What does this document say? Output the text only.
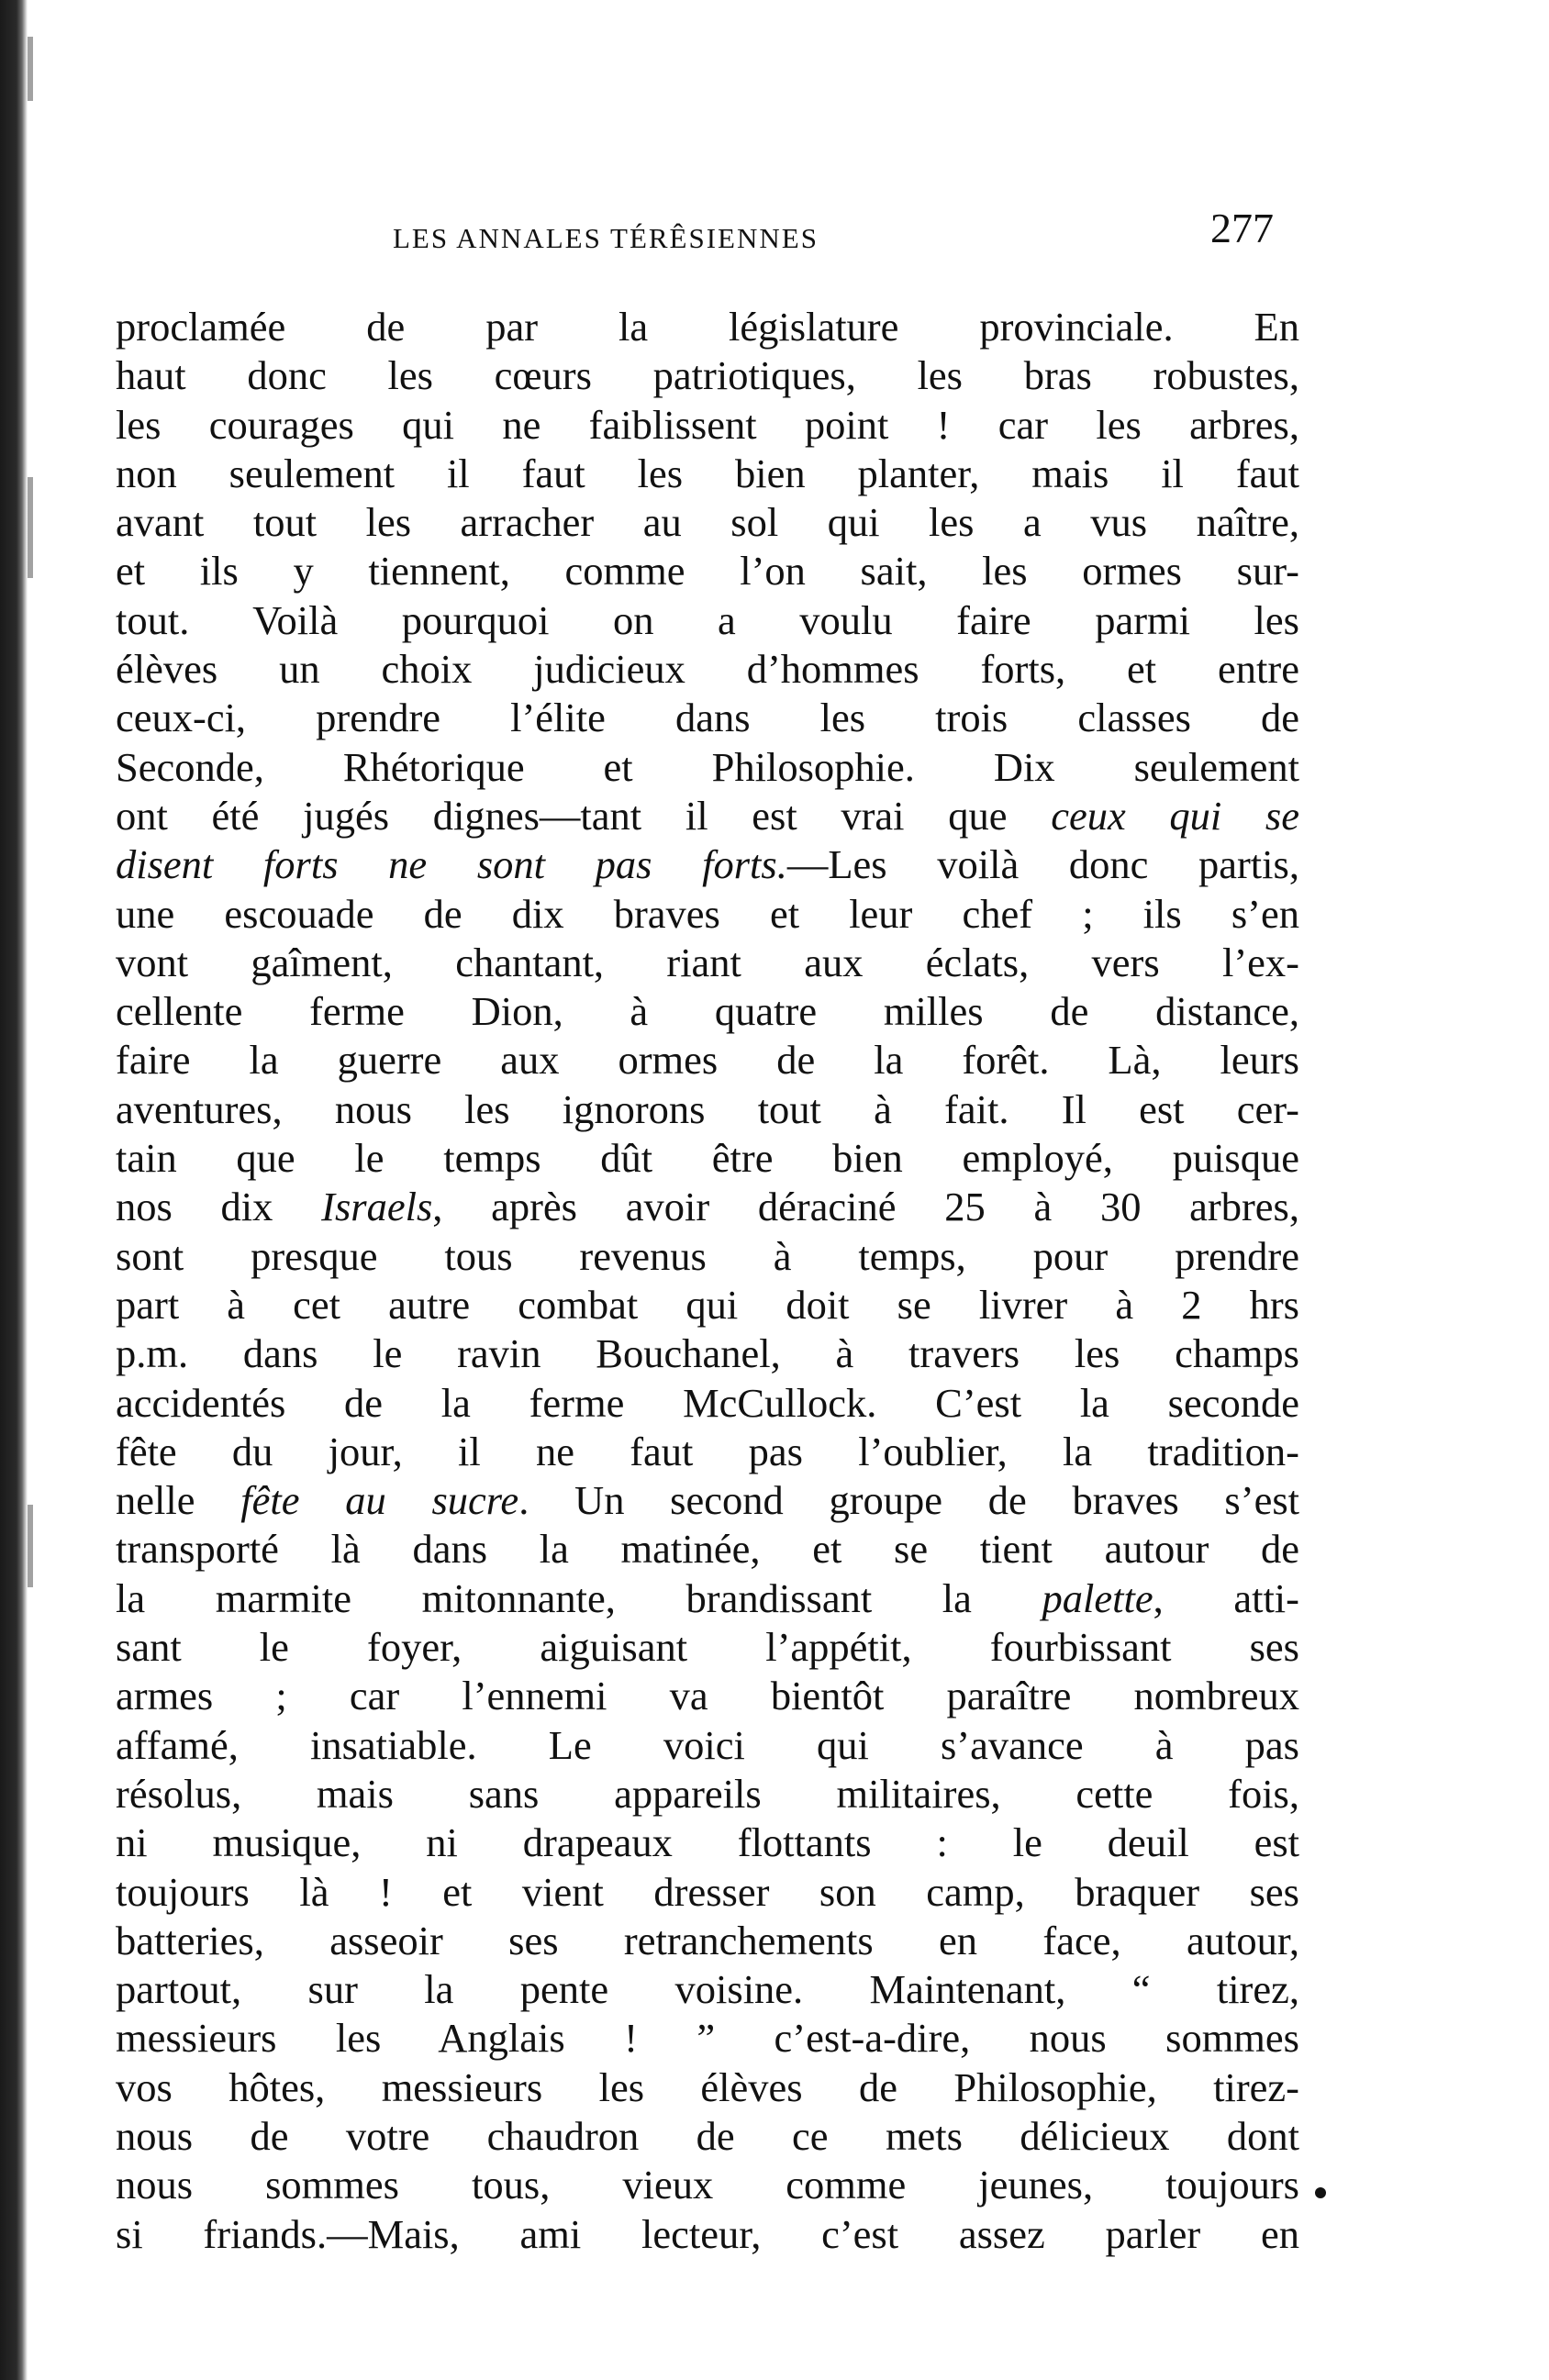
LES ANNALES TÉRÊSIENNES	277
proclamée de par la législature provinciale. En
haut donc les cœurs patriotiques, les bras robustes,
les courages qui ne faiblissent point ! car les arbres,
non seulement il faut les bien planter, mais il faut
avant tout les arracher au sol qui les a vus naître,
et ils y tiennent, comme l’on sait, les ormes sur-
tout. Voilà pourquoi on a voulu faire parmi les
élèves un choix judicieux d’hommes forts, et entre
ceux-ci, prendre l’élite dans les trois classes de
Seconde, Rhétorique et Philosophie. Dix seulement
ont été jugés dignes—tant il est vrai que ceux qui se
disent forts ne sont pas forts.—Les voilà donc partis,
une escouade de dix braves et leur chef ; ils s’en
vont gaîment, chantant, riant aux éclats, vers l’ex-
cellente ferme Dion, à quatre milles de distance,
faire la guerre aux ormes de la forêt. Là, leurs
aventures, nous les ignorons tout à fait. Il est cer-
tain que le temps dût être bien employé, puisque
nos dix Israels, après avoir déraciné 25 à 30 arbres,
sont presque tous revenus à temps, pour prendre
part à cet autre combat qui doit se livrer à 2 hrs
p.m. dans le ravin Bouchanel, à travers les champs
accidentés de la ferme McCullock. C’est la seconde
fête du jour, il ne faut pas l’oublier, la tradition-
nelle fête au sucre. Un second groupe de braves s’est
transporté là dans la matinée, et se tient autour de
la marmite mitonnante, brandissant la palette, atti-
sant le foyer, aiguisant l’appétit, fourbissant ses
armes ; car l’ennemi va bientôt paraître nombreux
affamé, insatiable. Le voici qui s’avance à pas
résolus, mais sans appareils militaires, cette fois,
ni musique, ni drapeaux flottants : le deuil est
toujours là ! et vient dresser son camp, braquer ses
batteries, asseoir ses retranchements en face, autour,
partout, sur la pente voisine. Maintenant, “ tirez,
messieurs les Anglais ! ” c’est-a-dire, nous sommes
vos hôtes, messieurs les élèves de Philosophie, tirez-
nous de votre chaudron de ce mets délicieux dont
nous sommes tous, vieux comme jeunes, toujours
si friands.—Mais, ami lecteur, c’est assez parler en
